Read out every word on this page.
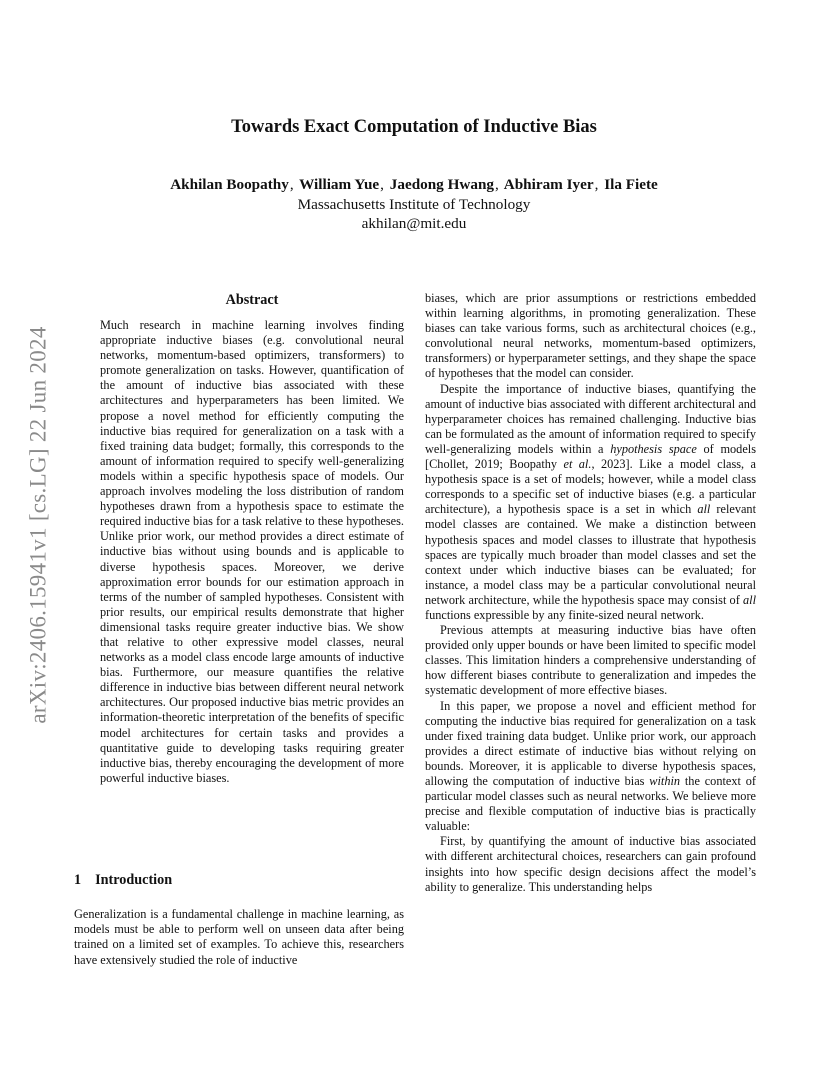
arXiv:2406.15941v1 [cs.LG] 22 Jun 2024
Towards Exact Computation of Inductive Bias
Akhilan Boopathy, William Yue, Jaedong Hwang, Abhiram Iyer, Ila Fiete
Massachusetts Institute of Technology
akhilan@mit.edu
Abstract

Much research in machine learning involves finding appropriate inductive biases (e.g. convolutional neural networks, momentum-based optimizers, transformers) to promote generalization on tasks. However, quantification of the amount of inductive bias associated with these architectures and hyperparameters has been limited. We propose a novel method for efficiently computing the inductive bias required for generalization on a task with a fixed training data budget; formally, this corresponds to the amount of information required to specify well-generalizing models within a specific hypothesis space of models. Our approach involves modeling the loss distribution of random hypotheses drawn from a hypothesis space to estimate the required inductive bias for a task relative to these hypotheses. Unlike prior work, our method provides a direct estimate of inductive bias without using bounds and is applicable to diverse hypothesis spaces. Moreover, we derive approximation error bounds for our estimation approach in terms of the number of sampled hypotheses. Consistent with prior results, our empirical results demonstrate that higher dimensional tasks require greater inductive bias. We show that relative to other expressive model classes, neural networks as a model class encode large amounts of inductive bias. Furthermore, our measure quantifies the relative difference in inductive bias between different neural network architectures. Our proposed inductive bias metric provides an information-theoretic interpretation of the benefits of specific model architectures for certain tasks and provides a quantitative guide to developing tasks requiring greater inductive bias, thereby encouraging the development of more powerful inductive biases.

1 Introduction

Generalization is a fundamental challenge in machine learning, as models must be able to perform well on unseen data after being trained on a limited set of examples. To achieve this, researchers have extensively studied the role of inductive

biases, which are prior assumptions or restrictions embedded within learning algorithms, in promoting generalization. These biases can take various forms, such as architectural choices (e.g., convolutional neural networks, momentum-based optimizers, transformers) or hyperparameter settings, and they shape the space of hypotheses that the model can consider.

Despite the importance of inductive biases, quantifying the amount of inductive bias associated with different architectural and hyperparameter choices has remained challenging. Inductive bias can be formulated as the amount of information required to specify well-generalizing models within a hypothesis space of models [Chollet, 2019; Boopathy et al., 2023]. Like a model class, a hypothesis space is a set of models; however, while a model class corresponds to a specific set of inductive biases (e.g. a particular architecture), a hypothesis space is a set in which all relevant model classes are contained. We make a distinction between hypothesis spaces and model classes to illustrate that hypothesis spaces are typically much broader than model classes and set the context under which inductive biases can be evaluated; for instance, a model class may be a particular convolutional neural network architecture, while the hypothesis space may consist of all functions expressible by any finite-sized neural network.

Previous attempts at measuring inductive bias have often provided only upper bounds or have been limited to specific model classes. This limitation hinders a comprehensive understanding of how different biases contribute to generalization and impedes the systematic development of more effective biases.

In this paper, we propose a novel and efficient method for computing the inductive bias required for generalization on a task under fixed training data budget. Unlike prior work, our approach provides a direct estimate of inductive bias without relying on bounds. Moreover, it is applicable to diverse hypothesis spaces, allowing the computation of inductive bias within the context of particular model classes such as neural networks. We believe more precise and flexible computation of inductive bias is practically valuable:

First, by quantifying the amount of inductive bias associated with different architectural choices, researchers can gain profound insights into how specific design decisions affect the model’s ability to generalize. This understanding helps
